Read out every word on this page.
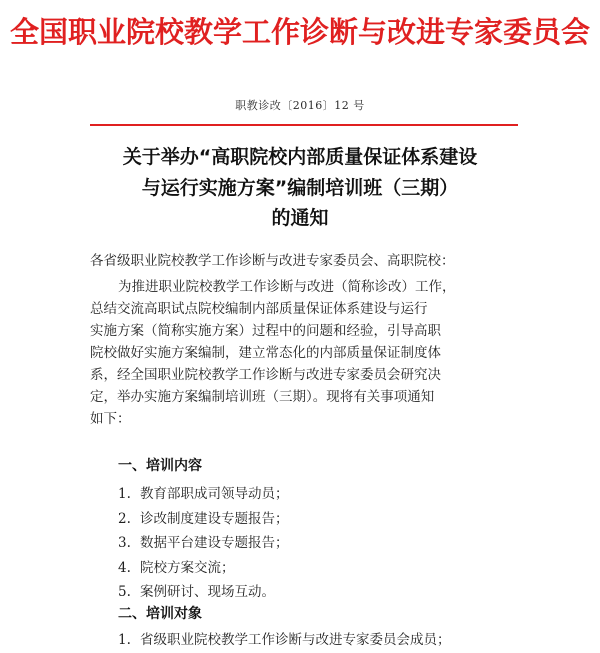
全国职业院校教学工作诊断与改进专家委员会
职教诊改〔2016〕12 号
关于举办“高职院校内部质量保证体系建设
与运行实施方案”编制培训班（三期）
的通知
各省级职业院校教学工作诊断与改进专家委员会、高职院校：
为推进职业院校教学工作诊断与改进（简称诊改）工作，
总结交流高职试点院校编制内部质量保证体系建设与运行
实施方案（简称实施方案）过程中的问题和经验，引导高职
院校做好实施方案编制，建立常态化的内部质量保证制度体
系，经全国职业院校教学工作诊断与改进专家委员会研究决
定，举办实施方案编制培训班（三期）。现将有关事项通知
如下：
一、培训内容
1. 教育部职成司领导动员；
2. 诊改制度建设专题报告；
3. 数据平台建设专题报告；
4. 院校方案交流；
5. 案例研讨、现场互动。
二、培训对象
1. 省级职业院校教学工作诊断与改进专家委员会成员；
